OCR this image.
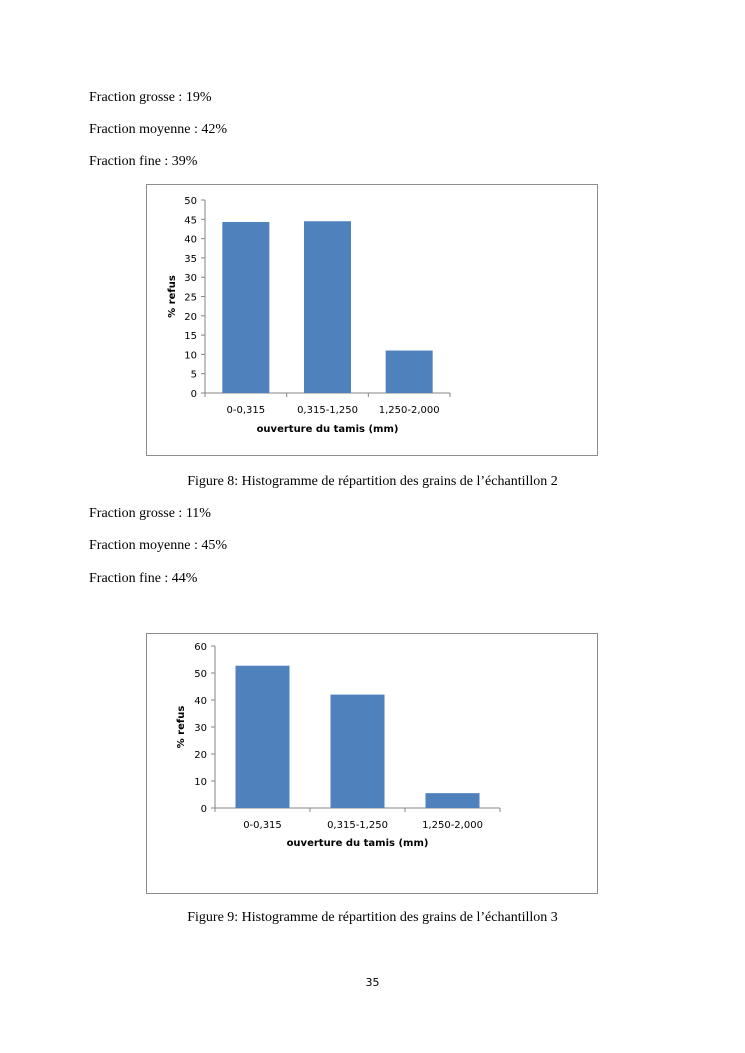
Fraction grosse : 19%
Fraction moyenne : 42%
Fraction fine : 39%
0
5
10
15
20
25
30
35
40
45
50
0-0,315	0,315-1,250 1,250-2,000
ouverture du tamis (mm)
% refus
Figure 8: Histogramme de répartition des grains de l’échantillon 2
Fraction grosse : 11%
Fraction moyenne : 45%
Fraction fine : 44%
0
10
20
30
40
50
60
0-0,315	0,315-1,250	1,250-2,000
ouverture du tamis (mm)
% refus
Figure 9: Histogramme de répartition des grains de l’échantillon 3
35
